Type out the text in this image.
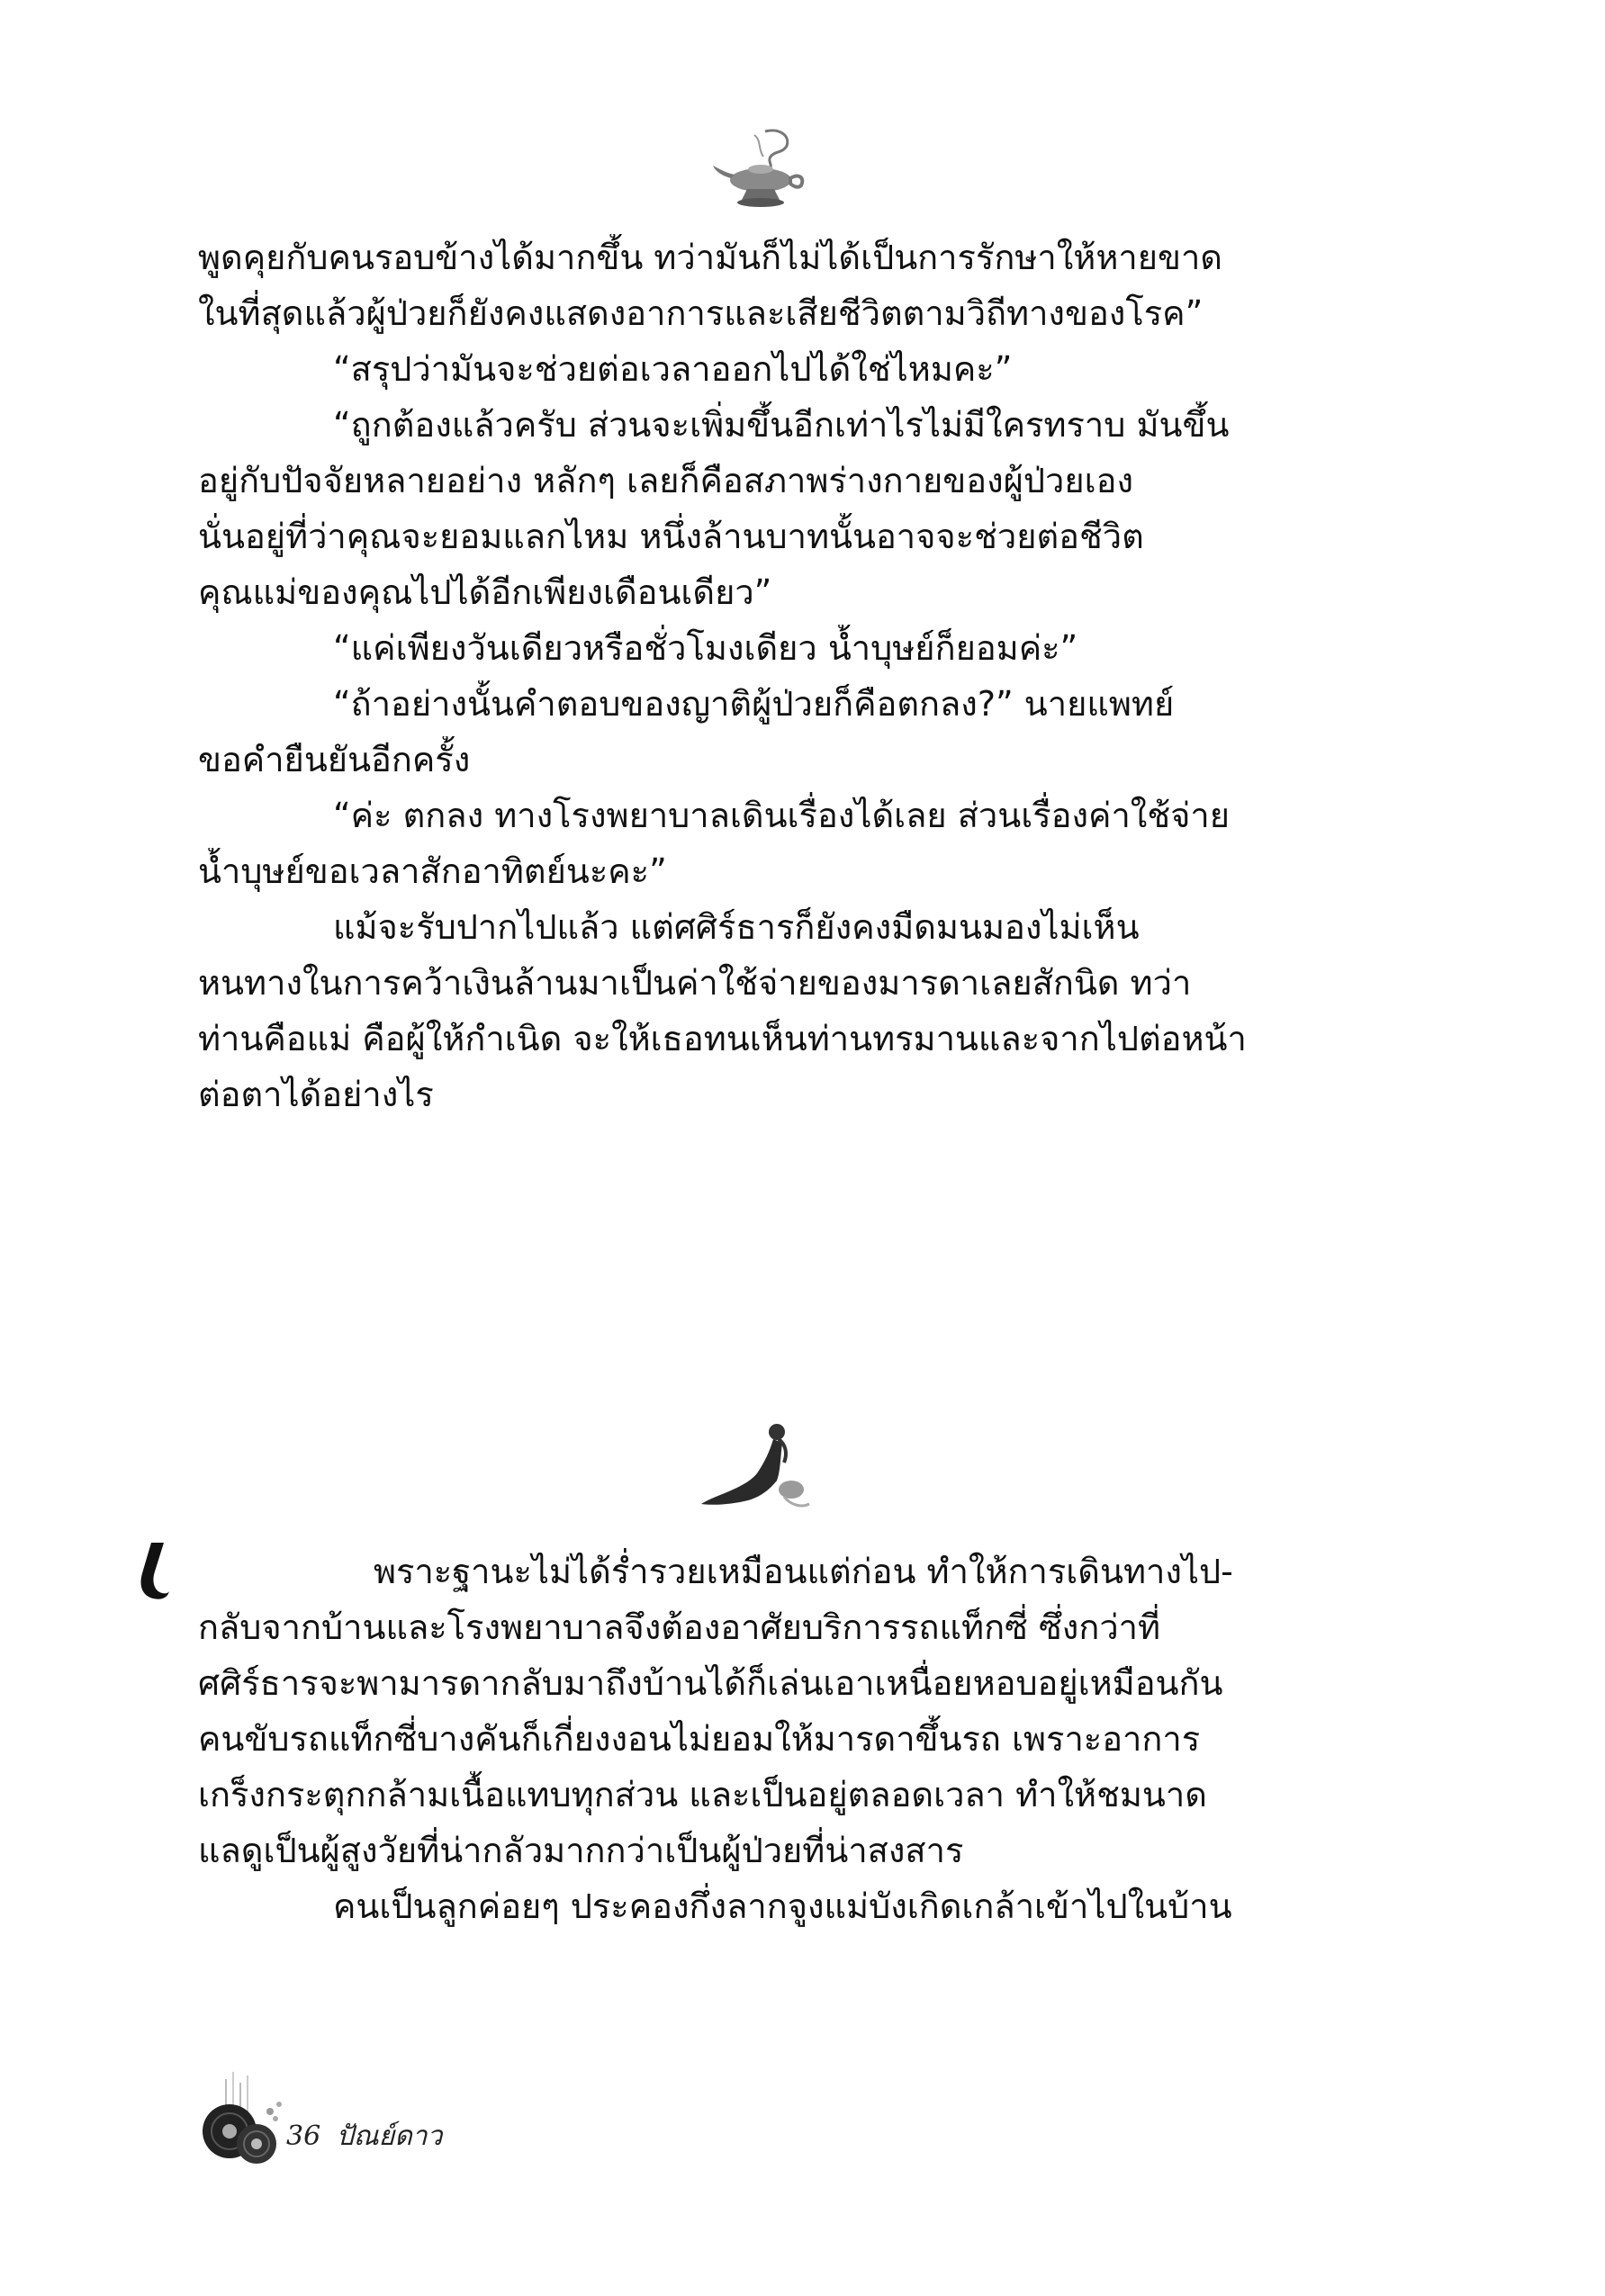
พูดคุยกับคนรอบข้างได้มากขึ้น ทว่ามันก็ไม่ได้เป็นการรักษาให้หายขาด
ในที่สุดแล้วผู้ป่วยก็ยังคงแสดงอาการและเสียชีวิตตามวิถีทางของโรค”
“สรุปว่ามันจะช่วยต่อเวลาออกไปได้ใช่ไหมคะ”
“ถูกต้องแล้วครับ ส่วนจะเพิ่มขึ้นอีกเท่าไรไม่มีใครทราบ มันขึ้น
อยู่กับปัจจัยหลายอย่าง หลักๆ เลยก็คือสภาพร่างกายของผู้ป่วยเอง
นั่นอยู่ที่ว่าคุณจะยอมแลกไหม หนึ่งล้านบาทนั้นอาจจะช่วยต่อชีวิต
คุณแม่ของคุณไปได้อีกเพียงเดือนเดียว”
“แค่เพียงวันเดียวหรือชั่วโมงเดียว น้ำบุษย์ก็ยอมค่ะ”
“ถ้าอย่างนั้นคำตอบของญาติผู้ป่วยก็คือตกลง?” นายแพทย์
ขอคำยืนยันอีกครั้ง
“ค่ะ ตกลง ทางโรงพยาบาลเดินเรื่องได้เลย ส่วนเรื่องค่าใช้จ่าย
น้ำบุษย์ขอเวลาสักอาทิตย์นะคะ”
แม้จะรับปากไปแล้ว แต่ศศิร์ธารก็ยังคงมืดมนมองไม่เห็น
หนทางในการคว้าเงินล้านมาเป็นค่าใช้จ่ายของมารดาเลยสักนิด ทว่า
ท่านคือแม่ คือผู้ให้กำเนิด จะให้เธอทนเห็นท่านทรมานและจากไปต่อหน้า
ต่อตาได้อย่างไร
พราะฐานะไม่ได้ร่ำรวยเหมือนแต่ก่อน ทำให้การเดินทางไป-
กลับจากบ้านและโรงพยาบาลจึงต้องอาศัยบริการรถแท็กซี่ ซึ่งกว่าที่
ศศิร์ธารจะพามารดากลับมาถึงบ้านได้ก็เล่นเอาเหนื่อยหอบอยู่เหมือนกัน
คนขับรถแท็กซี่บางคันก็เกี่ยงงอนไม่ยอมให้มารดาขึ้นรถ เพราะอาการ
เกร็งกระตุกกล้ามเนื้อแทบทุกส่วน และเป็นอยู่ตลอดเวลา ทำให้ชมนาด
แลดูเป็นผู้สูงวัยที่น่ากลัวมากกว่าเป็นผู้ป่วยที่น่าสงสาร
คนเป็นลูกค่อยๆ ประคองกึ่งลากจูงแม่บังเกิดเกล้าเข้าไปในบ้าน
36 ปัณย์ดาว
